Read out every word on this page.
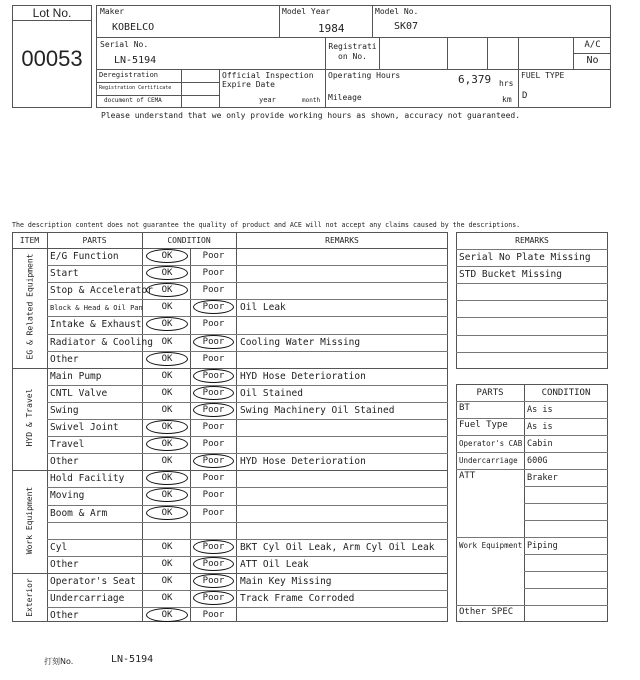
Lot No.
00053
Maker
KOBELCO
Model Year
1984
Model No.
SK07
Serial No.
LN-5194
Registrati
on No.
A/C
No
Deregistration
Registration Certificate
document of CEMA
Official Inspection
Expire Date
year	month
Operating Hours	6,379 hrs
Mileage	km
FUEL TYPE
D
Please understand that we only provide working hours as shown, accuracy not guaranteed.
The description content does not guarantee the quality of product and ACE will not accept any claims caused by the descriptions.
ITEM	PARTS	CONDITION	REMARKS
E/G Function	OK	Poor
Start	OK	Poor
Stop & Accelerator OK	Poor
Block & Head & Oil Pan OK	Poor Oil Leak
Intake & Exhaust OK	Poor
Radiator & Cooling OK	Poor Cooling Water Missing
Other	OK	Poor
EG & Related Equipment
Main Pump	OK	Poor HYD Hose Deterioration
CNTL Valve	OK	Poor Oil Stained
Swing	OK	Poor Swing Machinery Oil Stained
Swivel Joint	OK	Poor
Travel	OK	Poor
Other	OK	Poor HYD Hose Deterioration
HYD & Travel
Hold Facility	OK	Poor
Moving	OK	Poor
Boom & Arm	OK	Poor
Cyl	OK	Poor BKT Cyl Oil Leak, Arm Cyl Oil Leak
Other	OK	Poor ATT Oil Leak
Work Equipment
Operator's Seat	OK	Poor Main Key Missing
Undercarriage	OK	Poor Track Frame Corroded
Other	OK	Poor
Exterior
REMARKS
Serial No Plate Missing
STD Bucket Missing
PARTS	CONDITION
BT	As is
Fuel Type As is
Operator's CAB Cabin
Undercarriage 600G
ATT	Braker
Work Equipment Piping
Other SPEC
打刻No.	LN-5194
